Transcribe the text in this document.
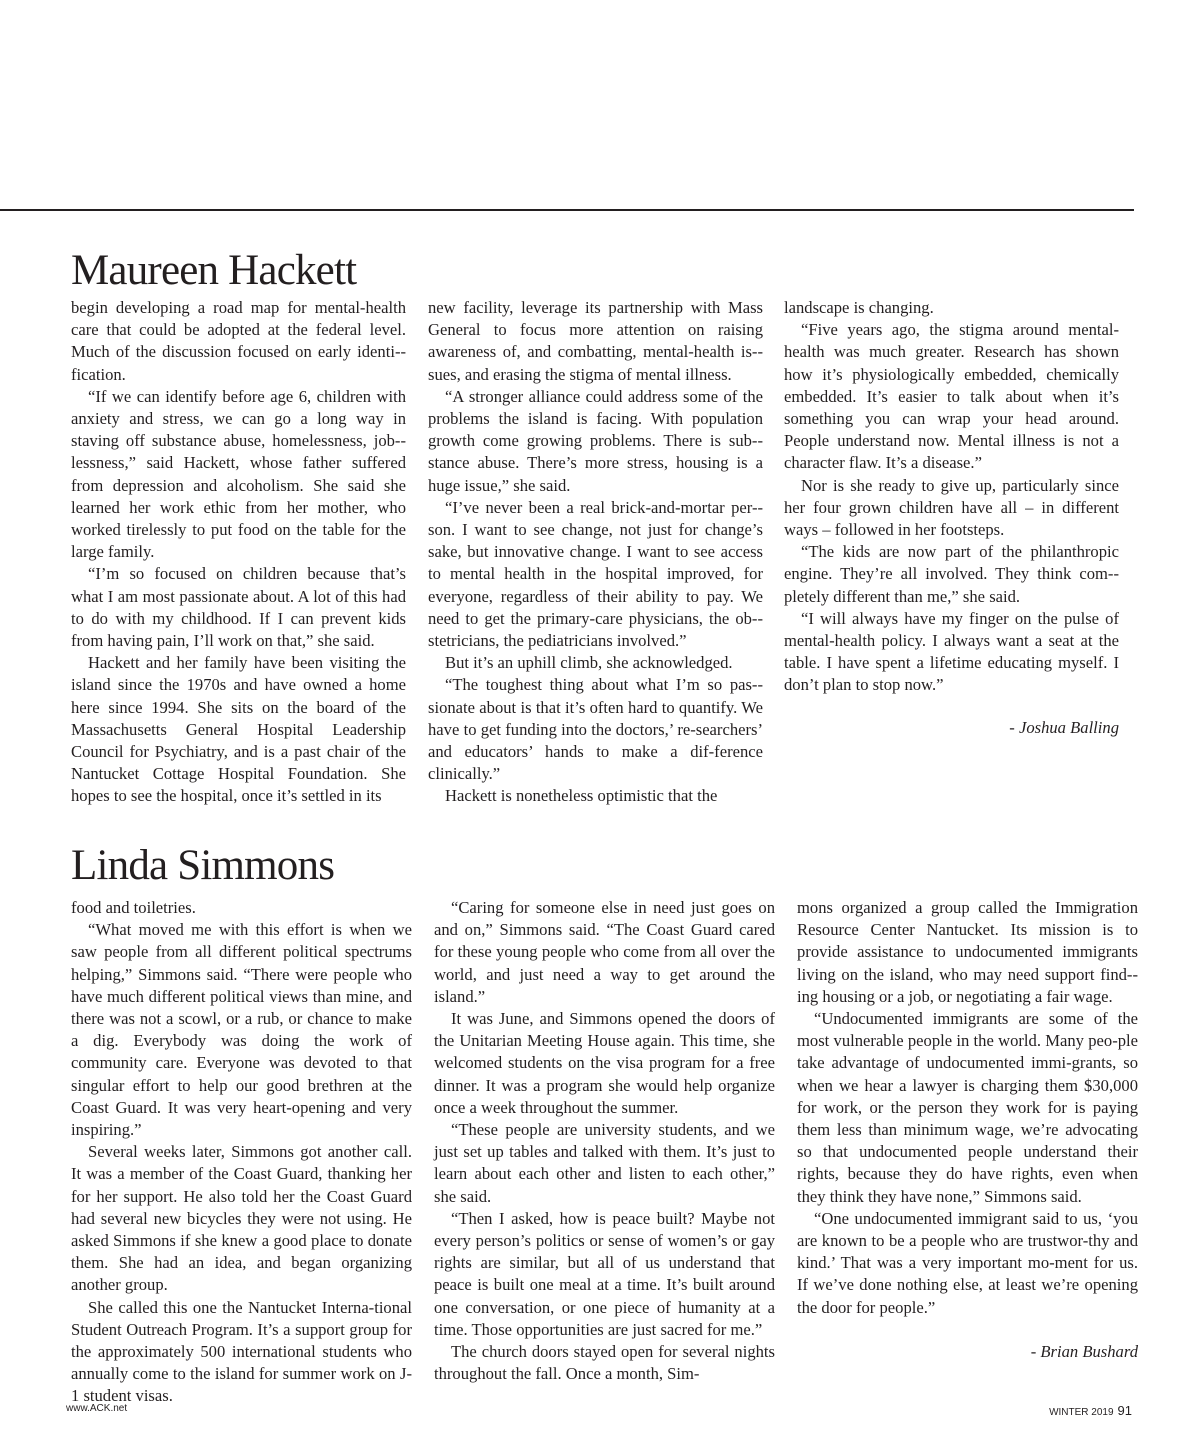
Maureen Hackett

begin developing a road map for mental-health care that could be adopted at the federal level. Much of the discussion focused on early identi-fication.

“If we can identify before age 6, children with anxiety and stress, we can go a long way in staving off substance abuse, homelessness, job-lessness,” said Hackett, whose father suffered from depression and alcoholism. She said she learned her work ethic from her mother, who worked tirelessly to put food on the table for the large family.

“I’m so focused on children because that’s what I am most passionate about. A lot of this had to do with my childhood. If I can prevent kids from having pain, I’ll work on that,” she said.

Hackett and her family have been visiting the island since the 1970s and have owned a home here since 1994. She sits on the board of the Massachusetts General Hospital Leadership Council for Psychiatry, and is a past chair of the Nantucket Cottage Hospital Foundation. She hopes to see the hospital, once it’s settled in its

new facility, leverage its partnership with Mass General to focus more attention on raising awareness of, and combatting, mental-health is-sues, and erasing the stigma of mental illness.

“A stronger alliance could address some of the problems the island is facing. With population growth come growing problems. There is sub-stance abuse. There’s more stress, housing is a huge issue,” she said.

“I’ve never been a real brick-and-mortar per-son. I want to see change, not just for change’s sake, but innovative change. I want to see access to mental health in the hospital improved, for everyone, regardless of their ability to pay. We need to get the primary-care physicians, the ob-stetricians, the pediatricians involved.”

But it’s an uphill climb, she acknowledged.

“The toughest thing about what I’m so pas-sionate about is that it’s often hard to quantify. We have to get funding into the doctors,’ re-searchers’ and educators’ hands to make a dif-ference clinically.”

Hackett is nonetheless optimistic that the

landscape is changing.

“Five years ago, the stigma around mental-health was much greater. Research has shown how it’s physiologically embedded, chemically embedded. It’s easier to talk about when it’s something you can wrap your head around. People understand now. Mental illness is not a character flaw. It’s a disease.”

Nor is she ready to give up, particularly since her four grown children have all – in different ways – followed in her footsteps.

“The kids are now part of the philanthropic engine. They’re all involved. They think com-pletely different than me,” she said.

“I will always have my finger on the pulse of mental-health policy. I always want a seat at the table. I have spent a lifetime educating myself. I don’t plan to stop now.”

- Joshua Balling

Linda Simmons

food and toiletries.

“What moved me with this effort is when we saw people from all different political spectrums helping,” Simmons said. “There were people who have much different political views than mine, and there was not a scowl, or a rub, or chance to make a dig. Everybody was doing the work of community care. Everyone was devoted to that singular effort to help our good brethren at the Coast Guard. It was very heart-opening and very inspiring.”

Several weeks later, Simmons got another call. It was a member of the Coast Guard, thanking her for her support. He also told her the Coast Guard had several new bicycles they were not using. He asked Simmons if she knew a good place to donate them. She had an idea, and began organizing another group.

She called this one the Nantucket Interna-tional Student Outreach Program. It’s a support group for the approximately 500 international students who annually come to the island for summer work on J-1 student visas.

“Caring for someone else in need just goes on and on,” Simmons said. “The Coast Guard cared for these young people who come from all over the world, and just need a way to get around the island.”

It was June, and Simmons opened the doors of the Unitarian Meeting House again. This time, she welcomed students on the visa program for a free dinner. It was a program she would help organize once a week throughout the summer.

“These people are university students, and we just set up tables and talked with them. It’s just to learn about each other and listen to each other,” she said.

“Then I asked, how is peace built? Maybe not every person’s politics or sense of women’s or gay rights are similar, but all of us understand that peace is built one meal at a time. It’s built around one conversation, or one piece of humanity at a time. Those opportunities are just sacred for me.”

The church doors stayed open for several nights throughout the fall. Once a month, Sim-

mons organized a group called the Immigration Resource Center Nantucket. Its mission is to provide assistance to undocumented immigrants living on the island, who may need support find-ing housing or a job, or negotiating a fair wage.

“Undocumented immigrants are some of the most vulnerable people in the world. Many peo-ple take advantage of undocumented immi-grants, so when we hear a lawyer is charging them $30,000 for work, or the person they work for is paying them less than minimum wage, we’re advocating so that undocumented people understand their rights, because they do have rights, even when they think they have none,” Simmons said.

“One undocumented immigrant said to us, ‘you are known to be a people who are trustwor-thy and kind.’ That was a very important mo-ment for us. If we’ve done nothing else, at least we’re opening the door for people.”

- Brian Bushard

www.ACK.net	WINTER 2019 91
